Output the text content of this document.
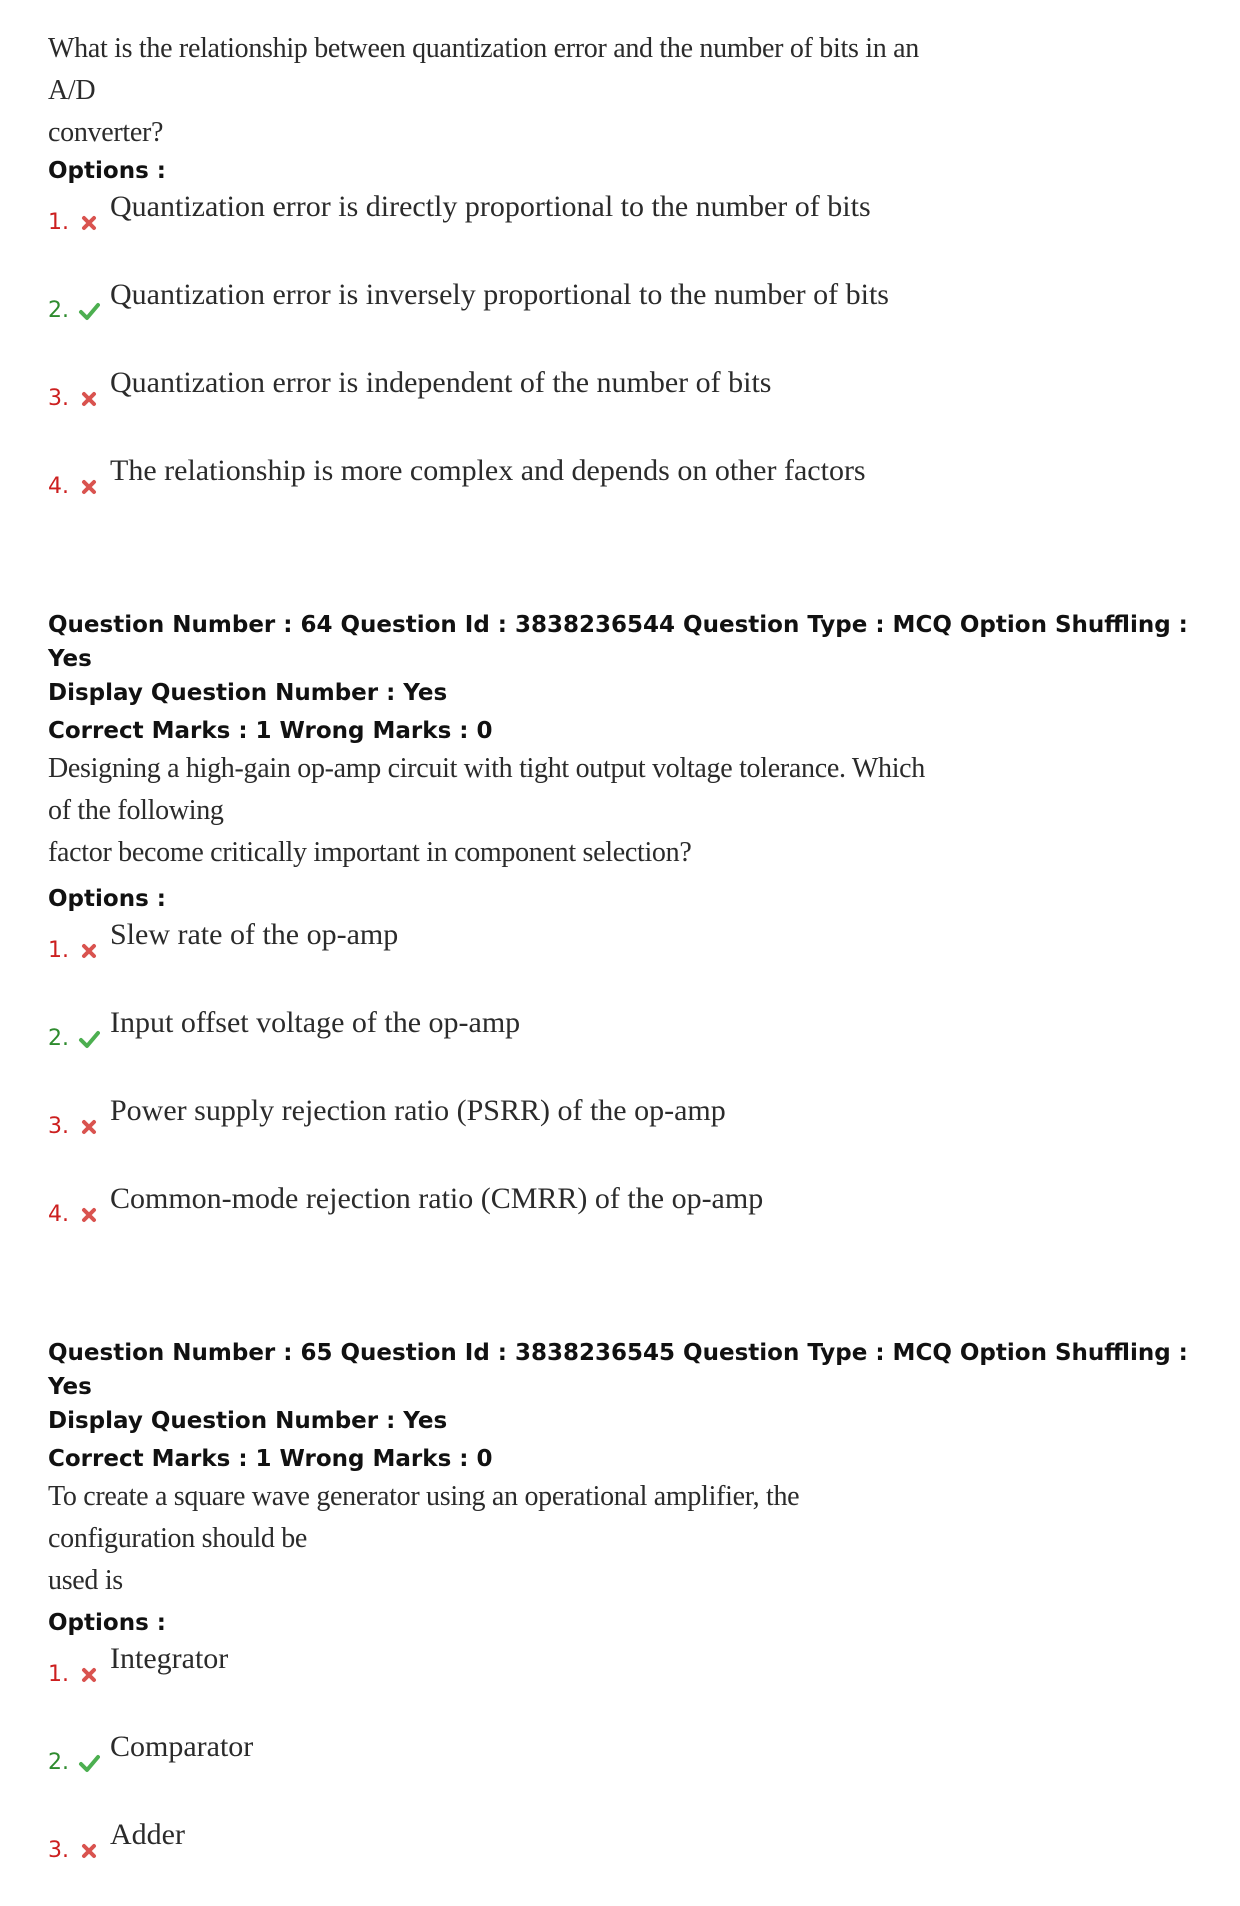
What is the relationship between quantization error and the number of bits in an A/D
converter?

Options :

1. Quantization error is directly proportional to the number of bits
2. Quantization error is inversely proportional to the number of bits
3. Quantization error is independent of the number of bits
4. The relationship is more complex and depends on other factors

Question Number : 64 Question Id : 3838236544 Question Type : MCQ Option Shuffling : Yes

Display Question Number : Yes

Correct Marks : 1 Wrong Marks : 0

Designing a high-gain op-amp circuit with tight output voltage tolerance. Which of the following
factor become critically important in component selection?

Options :

1. Slew rate of the op-amp
2. Input offset voltage of the op-amp
3. Power supply rejection ratio (PSRR) of the op-amp
4. Common-mode rejection ratio (CMRR) of the op-amp

Question Number : 65 Question Id : 3838236545 Question Type : MCQ Option Shuffling : Yes

Display Question Number : Yes

Correct Marks : 1 Wrong Marks : 0

To create a square wave generator using an operational amplifier, the configuration should be
used is

Options :

1. Integrator
2. Comparator
3. Adder
